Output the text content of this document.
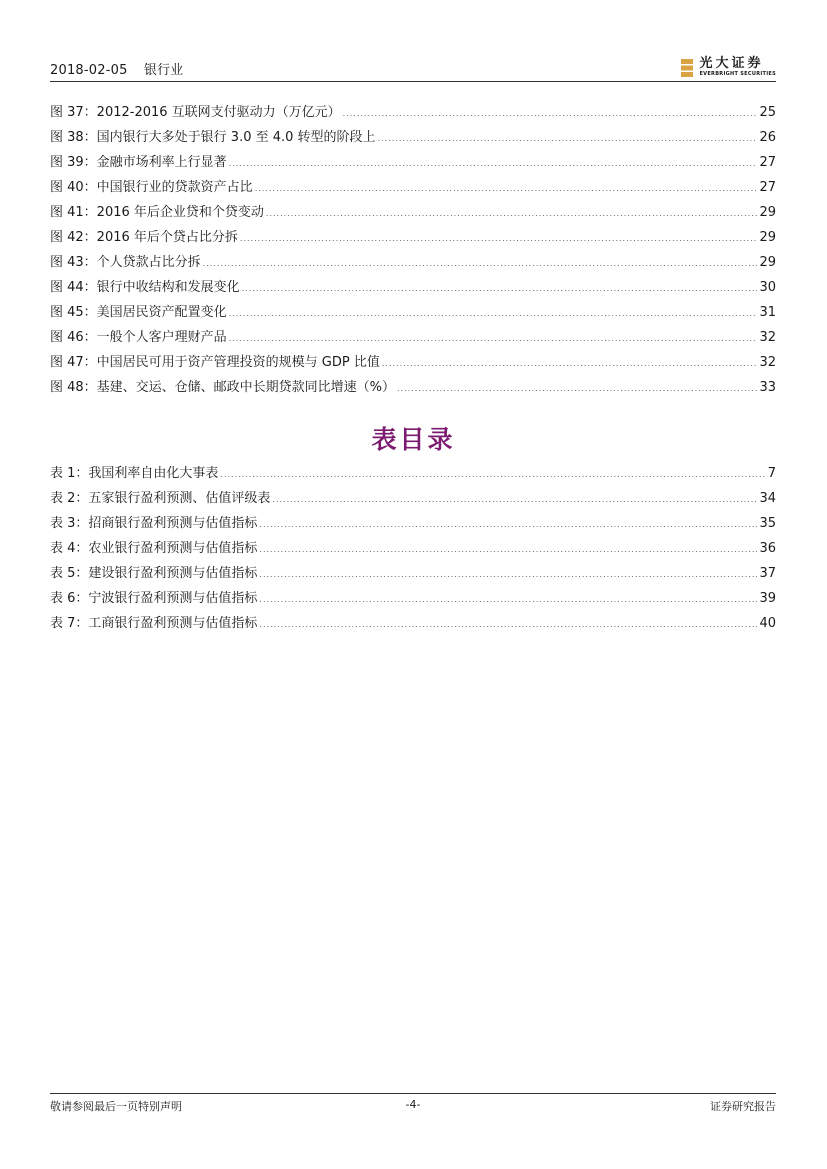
2018-02-05 银行业	光大证券
EVERBRIGHT SECURITIES
图 37：2012-2016 互联网支付驱动力（万亿元） .....	25
图 38：国内银行大多处于银行 3.0 至 4.0 转型的阶段上 .....	26
图 39：金融市场利率上行显著 .....	27
图 40：中国银行业的贷款资产占比 .....	27
图 41：2016 年后企业贷和个贷变动 .....	29
图 42：2016 年后个贷占比分拆 .....	29
图 43：个人贷款占比分拆 .....	29
图 44：银行中收结构和发展变化 .....	30
图 45：美国居民资产配置变化 .....	31
图 46：一般个人客户理财产品 .....	32
图 47：中国居民可用于资产管理投资的规模与 GDP 比值 .....	32
图 48：基建、交运、仓储、邮政中长期贷款同比增速（%） .....	33
表目录
表 1：我国利率自由化大事表 .....	7
表 2：五家银行盈利预测、估值评级表 .....	34
表 3：招商银行盈利预测与估值指标 .....	35
表 4：农业银行盈利预测与估值指标 .....	36
表 5：建设银行盈利预测与估值指标 .....	37
表 6：宁波银行盈利预测与估值指标 .....	39
表 7：工商银行盈利预测与估值指标 .....	40
敬请参阅最后一页特别声明	-4-	证券研究报告
